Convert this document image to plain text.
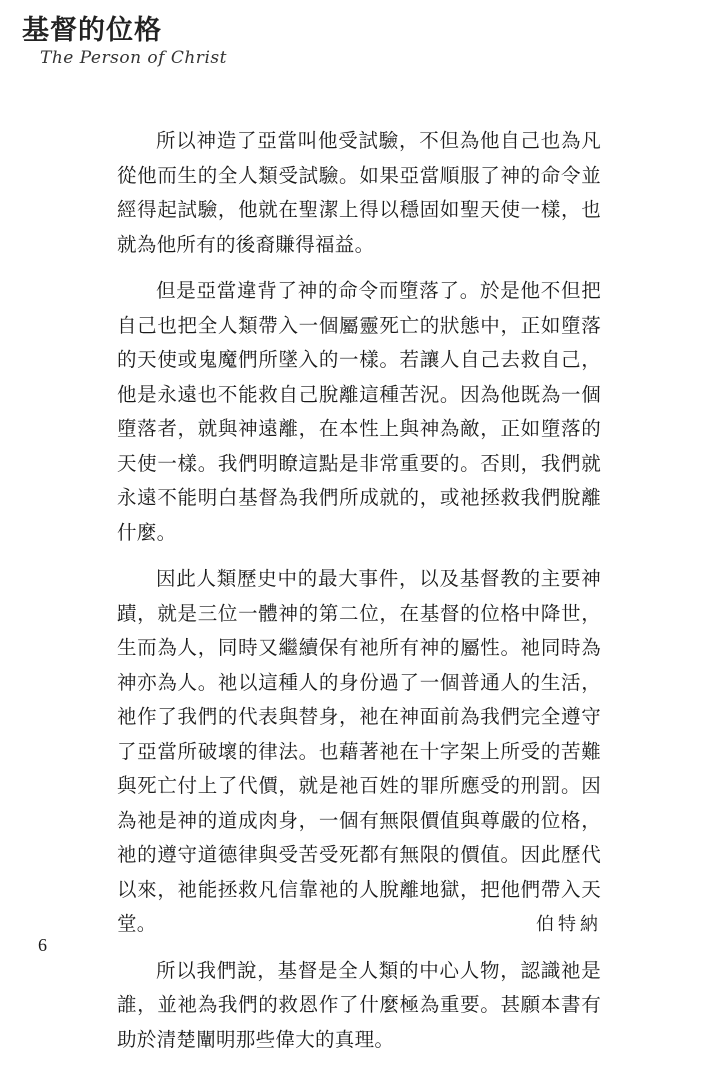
基督的位格
The Person of Christ

所以神造了亞當叫他受試驗，不但為他自己也為凡從他而生的全人類受試驗。如果亞當順服了神的命令並經得起試驗，他就在聖潔上得以穩固如聖天使一樣，也就為他所有的後裔賺得福益。

但是亞當違背了神的命令而墮落了。於是他不但把自己也把全人類帶入一個屬靈死亡的狀態中，正如墮落的天使或鬼魔們所墜入的一樣。若讓人自己去救自己，他是永遠也不能救自己脫離這種苦況。因為他既為一個墮落者，就與神遠離，在本性上與神為敵，正如墮落的天使一樣。我們明瞭這點是非常重要的。否則，我們就永遠不能明白基督為我們所成就的，或祂拯救我們脫離什麼。

因此人類歷史中的最大事件，以及基督教的主要神蹟，就是三位一體神的第二位，在基督的位格中降世，生而為人，同時又繼續保有祂所有神的屬性。祂同時為神亦為人。祂以這種人的身份過了一個普通人的生活，祂作了我們的代表與替身，祂在神面前為我們完全遵守了亞當所破壞的律法。也藉著祂在十字架上所受的苦難與死亡付上了代價，就是祂百姓的罪所應受的刑罰。因為祂是神的道成肉身，一個有無限價值與尊嚴的位格，祂的遵守道德律與受苦受死都有無限的價值。因此歷代以來，祂能拯救凡信靠祂的人脫離地獄，把他們帶入天堂。

所以我們說，基督是全人類的中心人物，認識祂是誰，並祂為我們的救恩作了什麼極為重要。甚願本書有助於清楚闡明那些偉大的真理。

伯特納
6
